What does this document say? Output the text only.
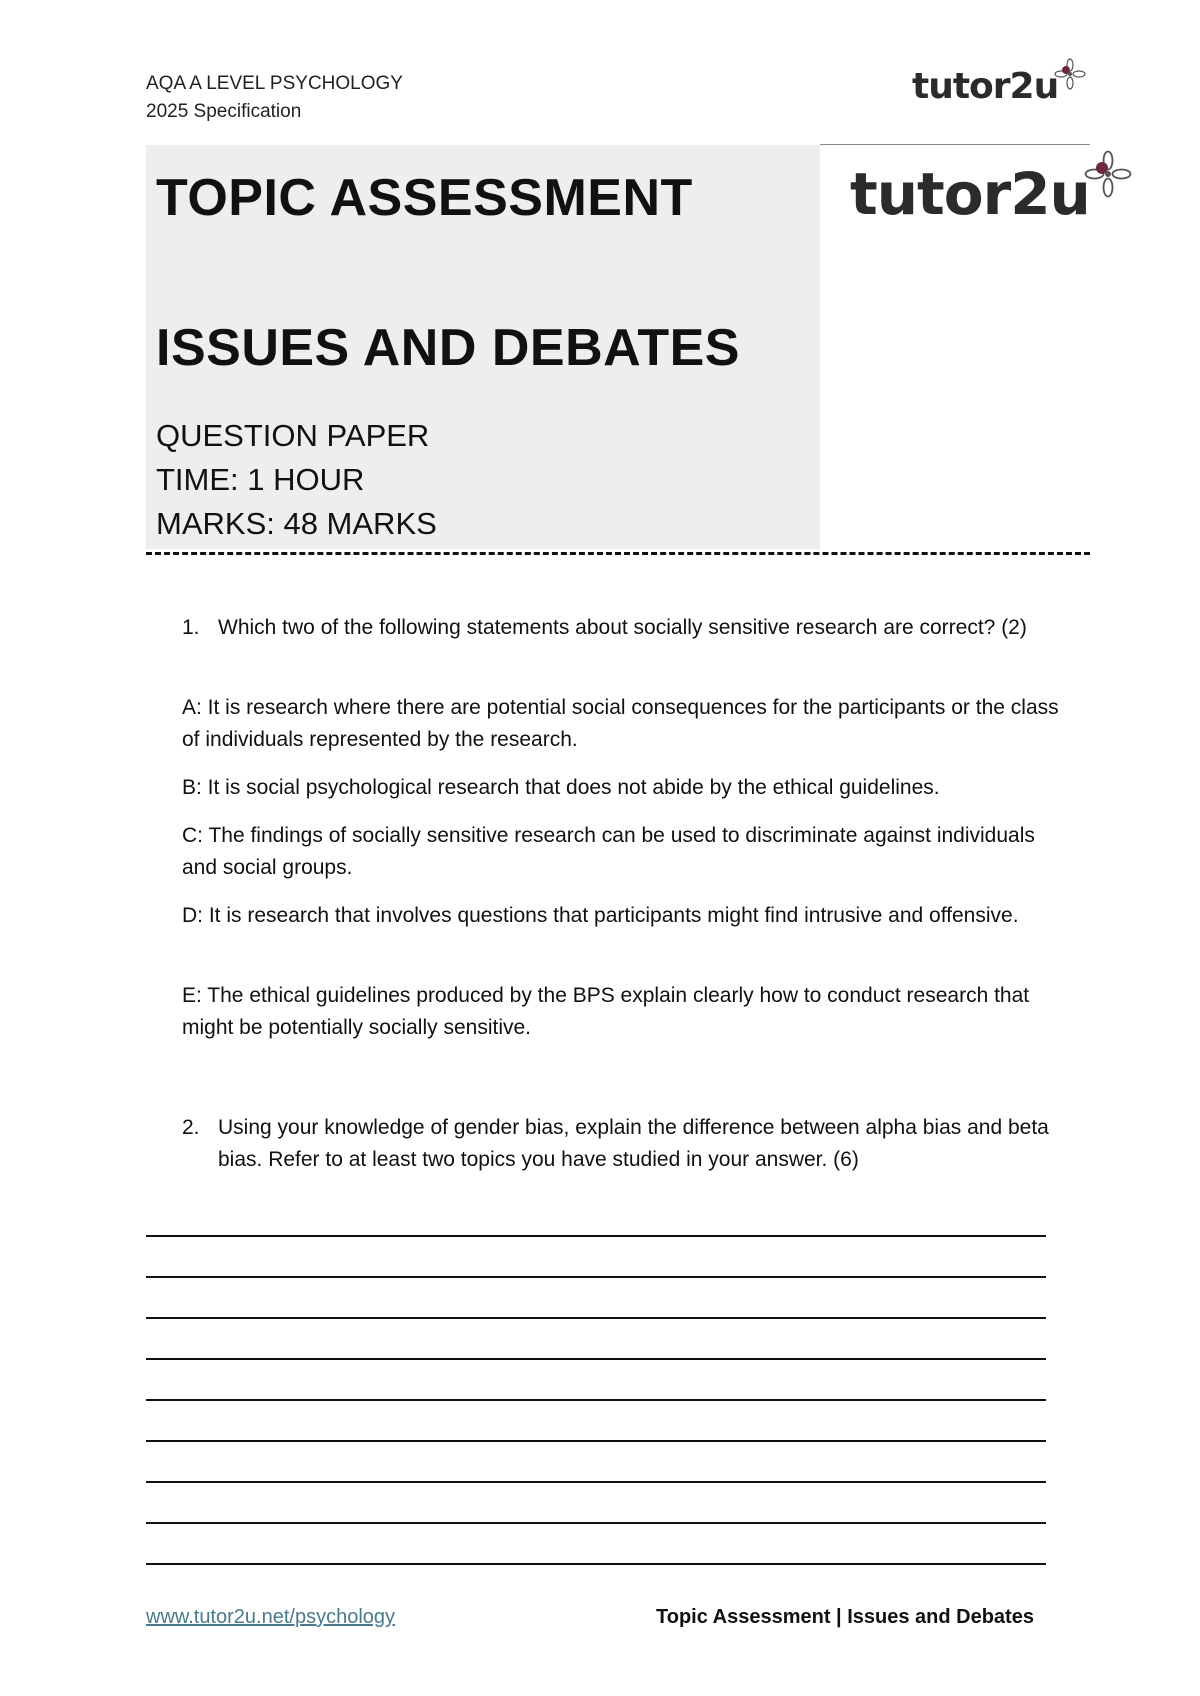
AQA A LEVEL PSYCHOLOGY
2025 Specification
tutor2u
TOPIC ASSESSMENT
ISSUES AND DEBATES
QUESTION PAPER
TIME: 1 HOUR
MARKS: 48 MARKS
tutor2u
1. Which two of the following statements about socially sensitive research are correct? (2)
A: It is research where there are potential social consequences for the participants or the class of individuals represented by the research.
B: It is social psychological research that does not abide by the ethical guidelines.
C: The findings of socially sensitive research can be used to discriminate against individuals and social groups.
D: It is research that involves questions that participants might find intrusive and offensive.
E: The ethical guidelines produced by the BPS explain clearly how to conduct research that might be potentially socially sensitive.
2. Using your knowledge of gender bias, explain the difference between alpha bias and beta bias. Refer to at least two topics you have studied in your answer. (6)
www.tutor2u.net/psychology	Topic Assessment | Issues and Debates
